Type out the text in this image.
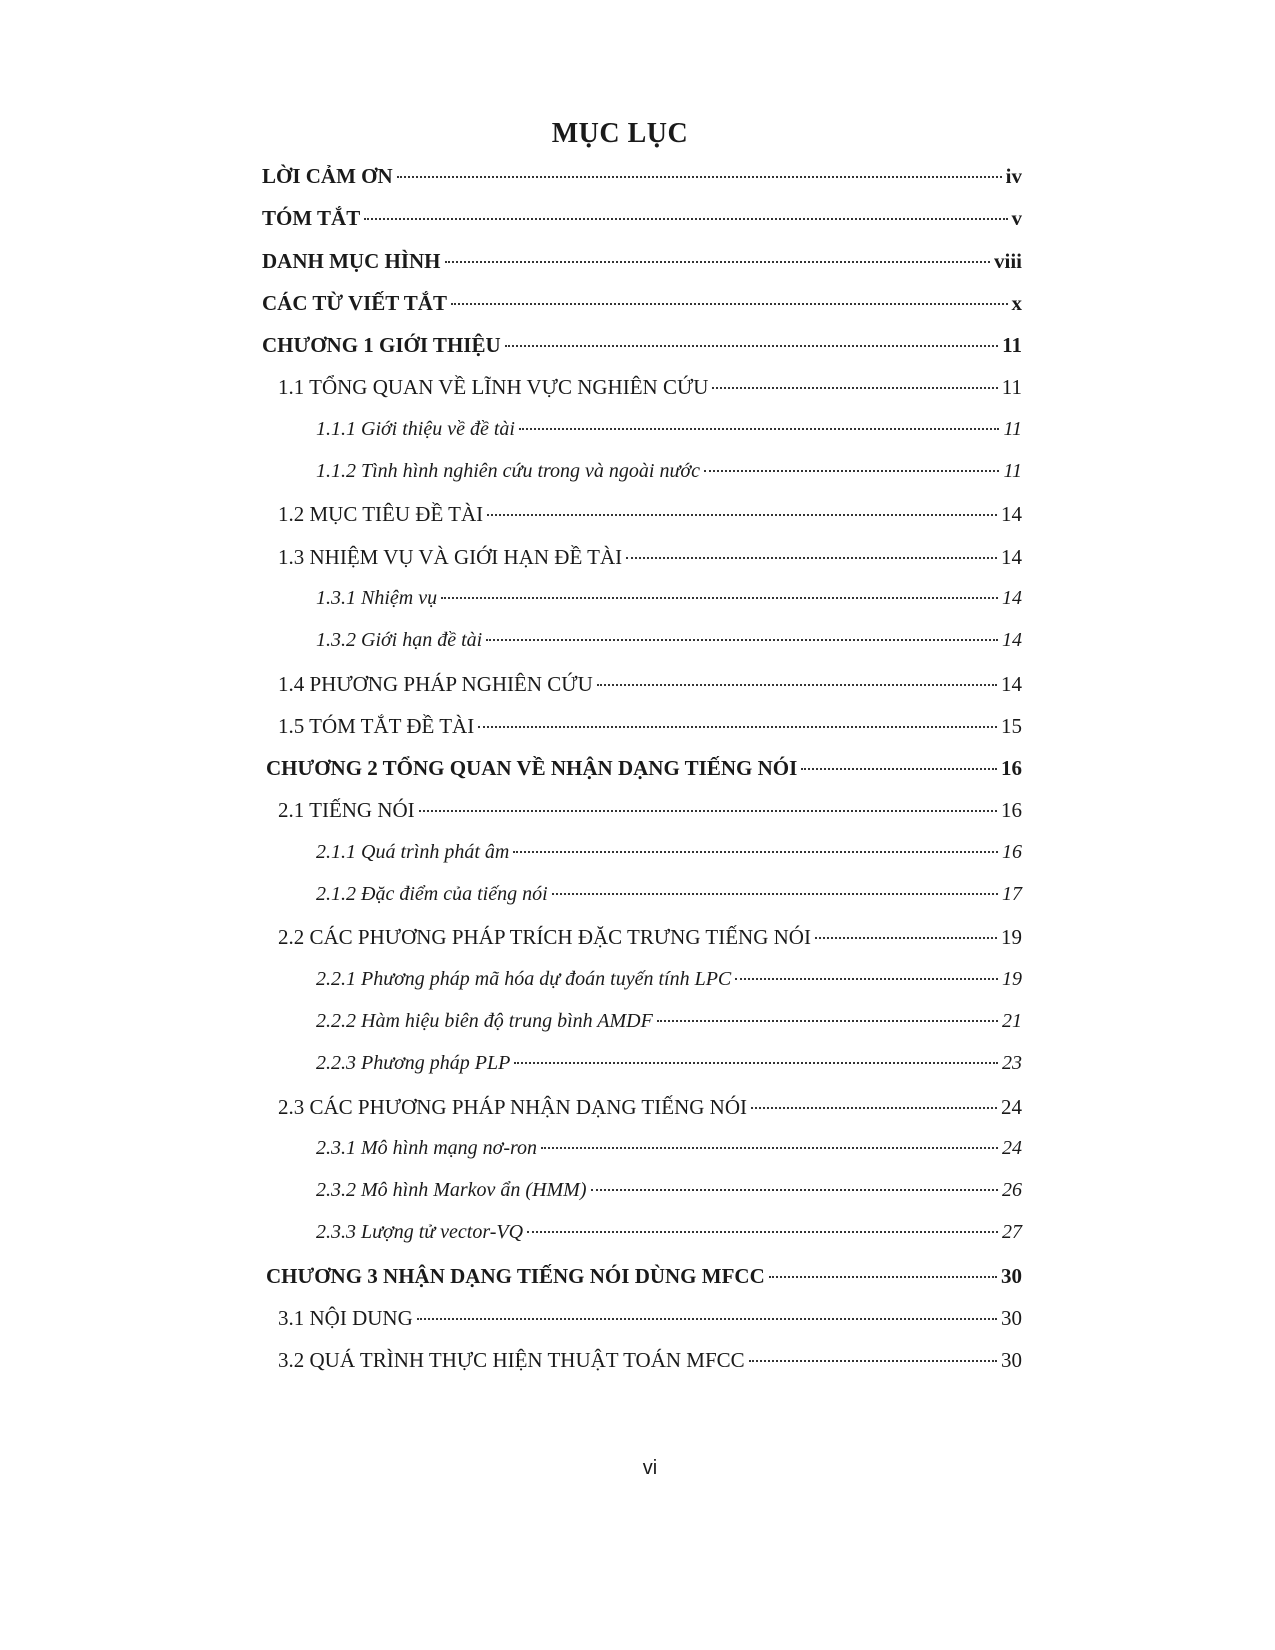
MỤC LỤC
LỜI CẢM ƠN	iv
TÓM TẮT	v
DANH MỤC HÌNH	viii
CÁC TỪ VIẾT TẮT	x
CHƯƠNG 1 GIỚI THIỆU	11
1.1 TỔNG QUAN VỀ LĨNH VỰC NGHIÊN CỨU	11
1.1.1 Giới thiệu về đề tài	11
1.1.2 Tình hình nghiên cứu trong và ngoài nước	11
1.2 MỤC TIÊU ĐỀ TÀI	14
1.3 NHIỆM VỤ VÀ GIỚI HẠN ĐỀ TÀI	14
1.3.1 Nhiệm vụ	14
1.3.2 Giới hạn đề tài	14
1.4 PHƯƠNG PHÁP NGHIÊN CỨU	14
1.5 TÓM TẮT ĐỀ TÀI	15
CHƯƠNG 2 TỔNG QUAN VỀ NHẬN DẠNG TIẾNG NÓI	16
2.1 TIẾNG NÓI	16
2.1.1 Quá trình phát âm	16
2.1.2 Đặc điểm của tiếng nói	17
2.2 CÁC PHƯƠNG PHÁP TRÍCH ĐẶC TRƯNG TIẾNG NÓI	19
2.2.1 Phương pháp mã hóa dự đoán tuyến tính LPC	19
2.2.2 Hàm hiệu biên độ trung bình AMDF	21
2.2.3 Phương pháp PLP	23
2.3 CÁC PHƯƠNG PHÁP NHẬN DẠNG TIẾNG NÓI	24
2.3.1 Mô hình mạng nơ-ron	24
2.3.2 Mô hình Markov ẩn (HMM)	26
2.3.3 Lượng tử vector-VQ	27
CHƯƠNG 3 NHẬN DẠNG TIẾNG NÓI DÙNG MFCC	30
3.1 NỘI DUNG	30
3.2 QUÁ TRÌNH THỰC HIỆN THUẬT TOÁN MFCC	30
vi
